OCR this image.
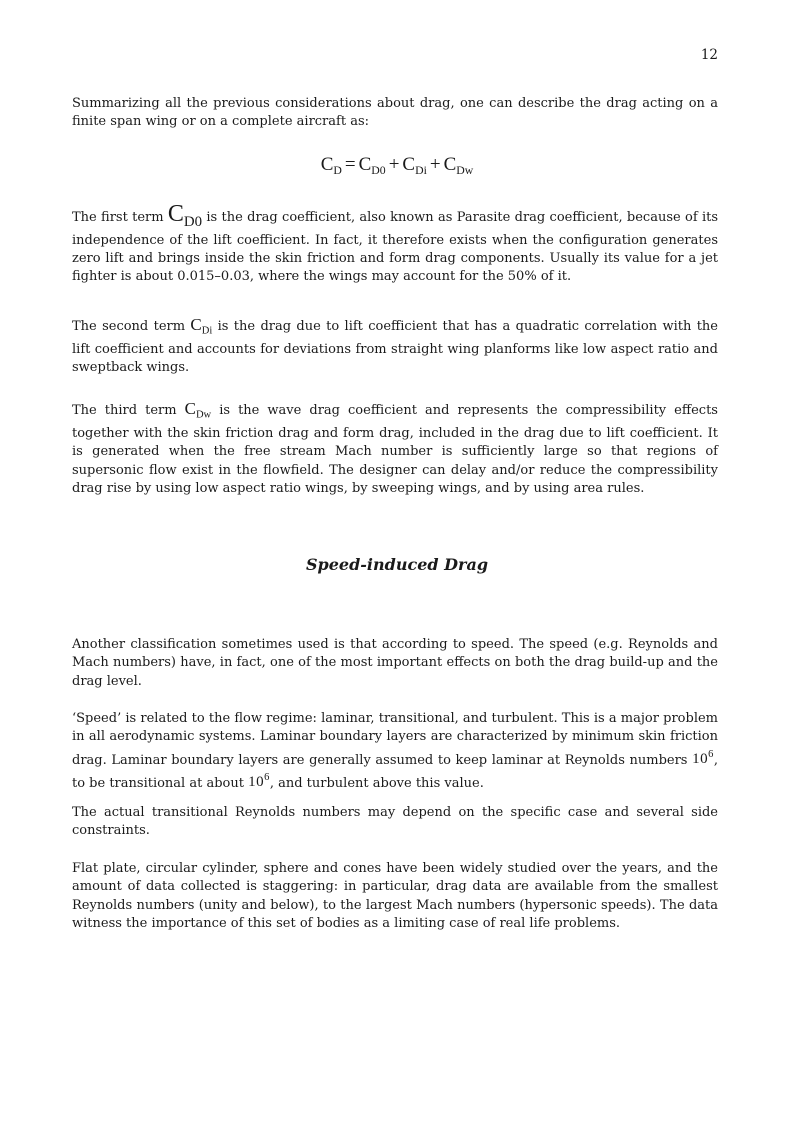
12

Summarizing all the previous considerations about drag, one can describe the drag acting on a finite span wing or on a complete aircraft as:

$C_D = C_{D0} + C_{Di} + C_{Dw}$

The first term $C_{D0}$ is the drag coefficient, also known as Parasite drag coefficient, because of its independence of the lift coefficient. In fact, it therefore exists when the configuration generates zero lift and brings inside the skin friction and form drag components. Usually its value for a jet fighter is about 0.015–0.03, where the wings may account for the 50% of it.

The second term $C_{Di}$ is the drag due to lift coefficient that has a quadratic correlation with the lift coefficient and accounts for deviations from straight wing planforms like low aspect ratio and sweptback wings.

The third term $C_{Dw}$ is the wave drag coefficient and represents the compressibility effects together with the skin friction drag and form drag, included in the drag due to lift coefficient. It is generated when the free stream Mach number is sufficiently large so that regions of supersonic flow exist in the flowfield. The designer can delay and/or reduce the compressibility drag rise by using low aspect ratio wings, by sweeping wings, and by using area rules.

Speed-induced Drag

Another classification sometimes used is that according to speed. The speed (e.g. Reynolds and Mach numbers) have, in fact, one of the most important effects on both the drag build-up and the drag level.

‘Speed’ is related to the flow regime: laminar, transitional, and turbulent. This is a major problem in all aerodynamic systems. Laminar boundary layers are characterized by minimum skin friction drag. Laminar boundary layers are generally assumed to keep laminar at Reynolds numbers $10^6$, to be transitional at about $10^6$, and turbulent above this value.

The actual transitional Reynolds numbers may depend on the specific case and several side constraints.

Flat plate, circular cylinder, sphere and cones have been widely studied over the years, and the amount of data collected is staggering: in particular, drag data are available from the smallest Reynolds numbers (unity and below), to the largest Mach numbers (hypersonic speeds). The data witness the importance of this set of bodies as a limiting case of real life problems.
